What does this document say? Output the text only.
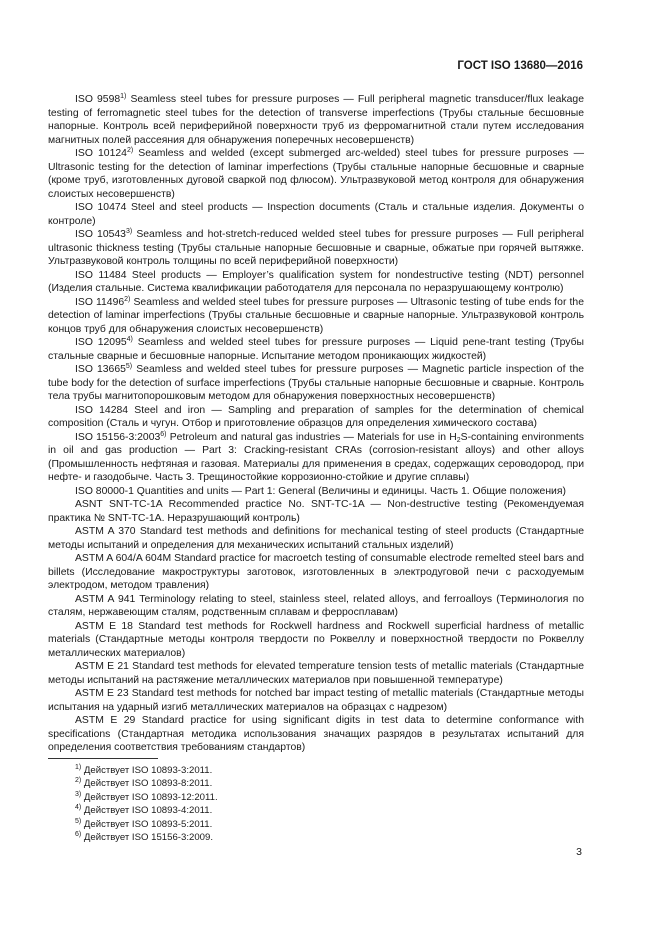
ГОСТ ISO 13680—2016

ISO 9598$^{1)}$ Seamless steel tubes for pressure purposes — Full peripheral magnetic transducer/flux leakage testing of ferromagnetic steel tubes for the detection of transverse imperfections (Трубы стальные бесшовные напорные. Контроль всей периферийной поверхности труб из ферромагнитной стали путем исследования магнитных полей рассеяния для обнаружения поперечных несовершенств)

ISO 10124$^{2)}$ Seamless and welded (except submerged arc-welded) steel tubes for pressure purposes — Ultrasonic testing for the detection of laminar imperfections (Трубы стальные напорные бесшовные и сварные (кроме труб, изготовленных дуговой сваркой под флюсом). Ультразвуковой метод контроля для обнаружения слоистых несовершенств)

ISO 10474 Steel and steel products — Inspection documents (Сталь и стальные изделия. Документы о контроле)

ISO 10543$^{3)}$ Seamless and hot-stretch-reduced welded steel tubes for pressure purposes — Full peripheral ultrasonic thickness testing (Трубы стальные напорные бесшовные и сварные, обжатые при горячей вытяжке. Ультразвуковой контроль толщины по всей периферийной поверхности)

ISO 11484 Steel products — Employer’s qualification system for nondestructive testing (NDT) personnel (Изделия стальные. Система квалификации работодателя для персонала по неразрушающему контролю)

ISO 11496$^{2)}$ Seamless and welded steel tubes for pressure purposes — Ultrasonic testing of tube ends for the detection of laminar imperfections (Трубы стальные бесшовные и сварные напорные. Ультразвуковой контроль концов труб для обнаружения слоистых несовершенств)

ISO 12095$^{4)}$ Seamless and welded steel tubes for pressure purposes — Liquid pene-trant testing (Трубы стальные сварные и бесшовные напорные. Испытание методом проникающих жидкостей)

ISO 13665$^{5)}$ Seamless and welded steel tubes for pressure purposes — Magnetic particle inspection of the tube body for the detection of surface imperfections (Трубы стальные напорные бесшовные и сварные. Контроль тела трубы магнитопорошковым методом для обнаружения поверхностных несовершенств)

ISO 14284 Steel and iron — Sampling and preparation of samples for the determination of chemical composition (Сталь и чугун. Отбор и приготовление образцов для определения химического состава)

ISO 15156-3:2003$^{6)}$ Petroleum and natural gas industries — Materials for use in $H_2S$-containing environments in oil and gas production — Part 3: Cracking-resistant CRAs (corrosion-resistant alloys) and other alloys (Промышленность нефтяная и газовая. Материалы для применения в средах, содержащих сероводород, при нефте- и газодобыче. Часть 3. Трещиностойкие коррозионно-стойкие и другие сплавы)

ISO 80000-1 Quantities and units — Part 1: General (Величины и единицы. Часть 1. Общие положения)

ASNT SNT-TC-1A Recommended practice No. SNT-TC-1A — Non-destructive testing (Рекомендуемая практика № SNT-TC-1A. Неразрушающий контроль)

ASTM A 370 Standard test methods and definitions for mechanical testing of steel products (Стандартные методы испытаний и определения для механических испытаний стальных изделий)

ASTM A 604/A 604M Standard practice for macroetch testing of consumable electrode remelted steel bars and billets (Исследование макроструктуры заготовок, изготовленных в электродуговой печи с расходуемым электродом, методом травления)

ASTM A 941 Terminology relating to steel, stainless steel, related alloys, and ferroalloys (Терминология по сталям, нержавеющим сталям, родственным сплавам и ферросплавам)

ASTM E 18 Standard test methods for Rockwell hardness and Rockwell superficial hardness of metallic materials (Стандартные методы контроля твердости по Роквеллу и поверхностной твердости по Роквеллу металлических материалов)

ASTM E 21 Standard test methods for elevated temperature tension tests of metallic materials (Стандартные методы испытаний на растяжение металлических материалов при повышенной температуре)

ASTM E 23 Standard test methods for notched bar impact testing of metallic materials (Стандартные методы испытания на ударный изгиб металлических материалов на образцах с надрезом)

ASTM E 29 Standard practice for using significant digits in test data to determine conformance with specifications (Стандартная методика использования значащих разрядов в результатах испытаний для определения соответствия требованиям стандартов)

$^{1)}$ Действует ISO 10893-3:2011.
$^{2)}$ Действует ISO 10893-8:2011.
$^{3)}$ Действует ISO 10893-12:2011.
$^{4)}$ Действует ISO 10893-4:2011.
$^{5)}$ Действует ISO 10893-5:2011.
$^{6)}$ Действует ISO 15156-3:2009.
3
